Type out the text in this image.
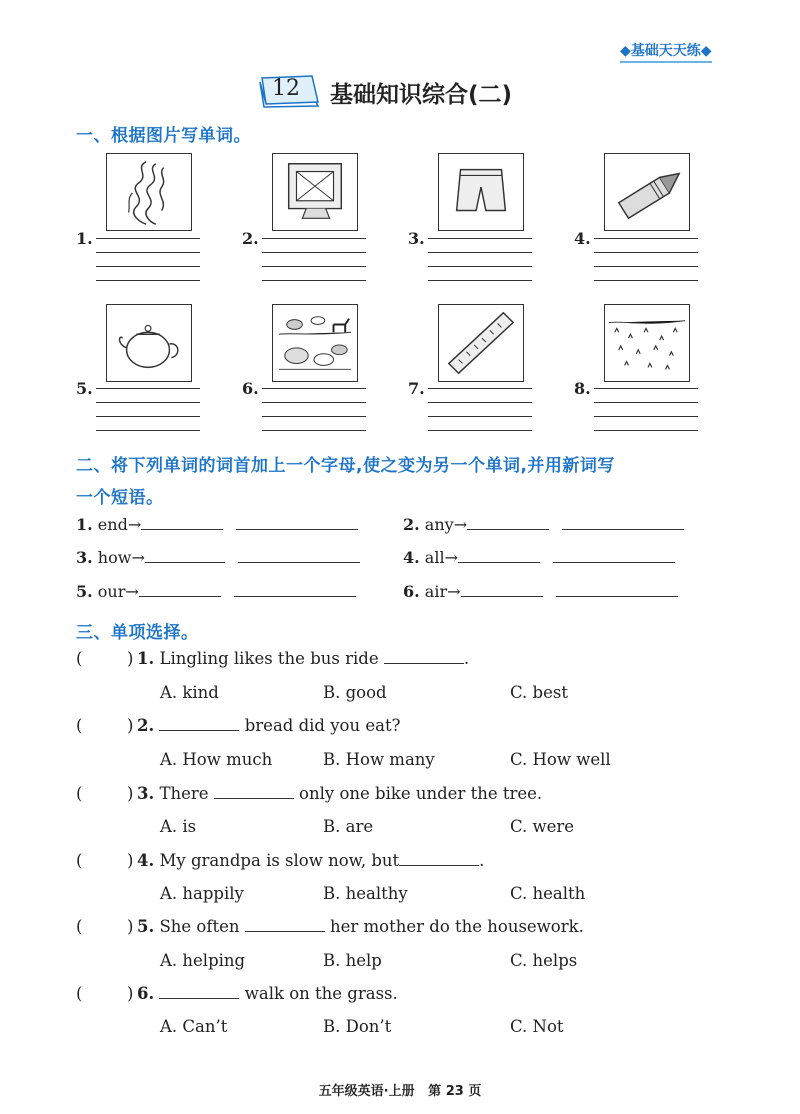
◆基础天天练◆
12	基础知识综合(二)
一、根据图片写单词。
1.	2.	3.	4.
5.	6.	7.	8.
二、将下列单词的词首加上一个字母,使之变为另一个单词,并用新词写
一个短语。
1. end→	2. any→
3. how→	4. all→
5. our→	6. air→
三、单项选择。
(	) 1. Lingling likes the bus ride	.
A. kind	B. good	C. best
(	) 2.	bread did you eat?
A. How much	B. How many	C. How well
(	) 3. There	only one bike under the tree.
A. is	B. are	C. were
(	) 4. My grandpa is slow now, but	.
A. happily	B. healthy	C. health
(	) 5. She often	her mother do the housework.
A. helping	B. help	C. helps
(	) 6.	walk on the grass.
A. Can’t	B. Don’t	C. Not
五年级英语·上册   第 23 页
